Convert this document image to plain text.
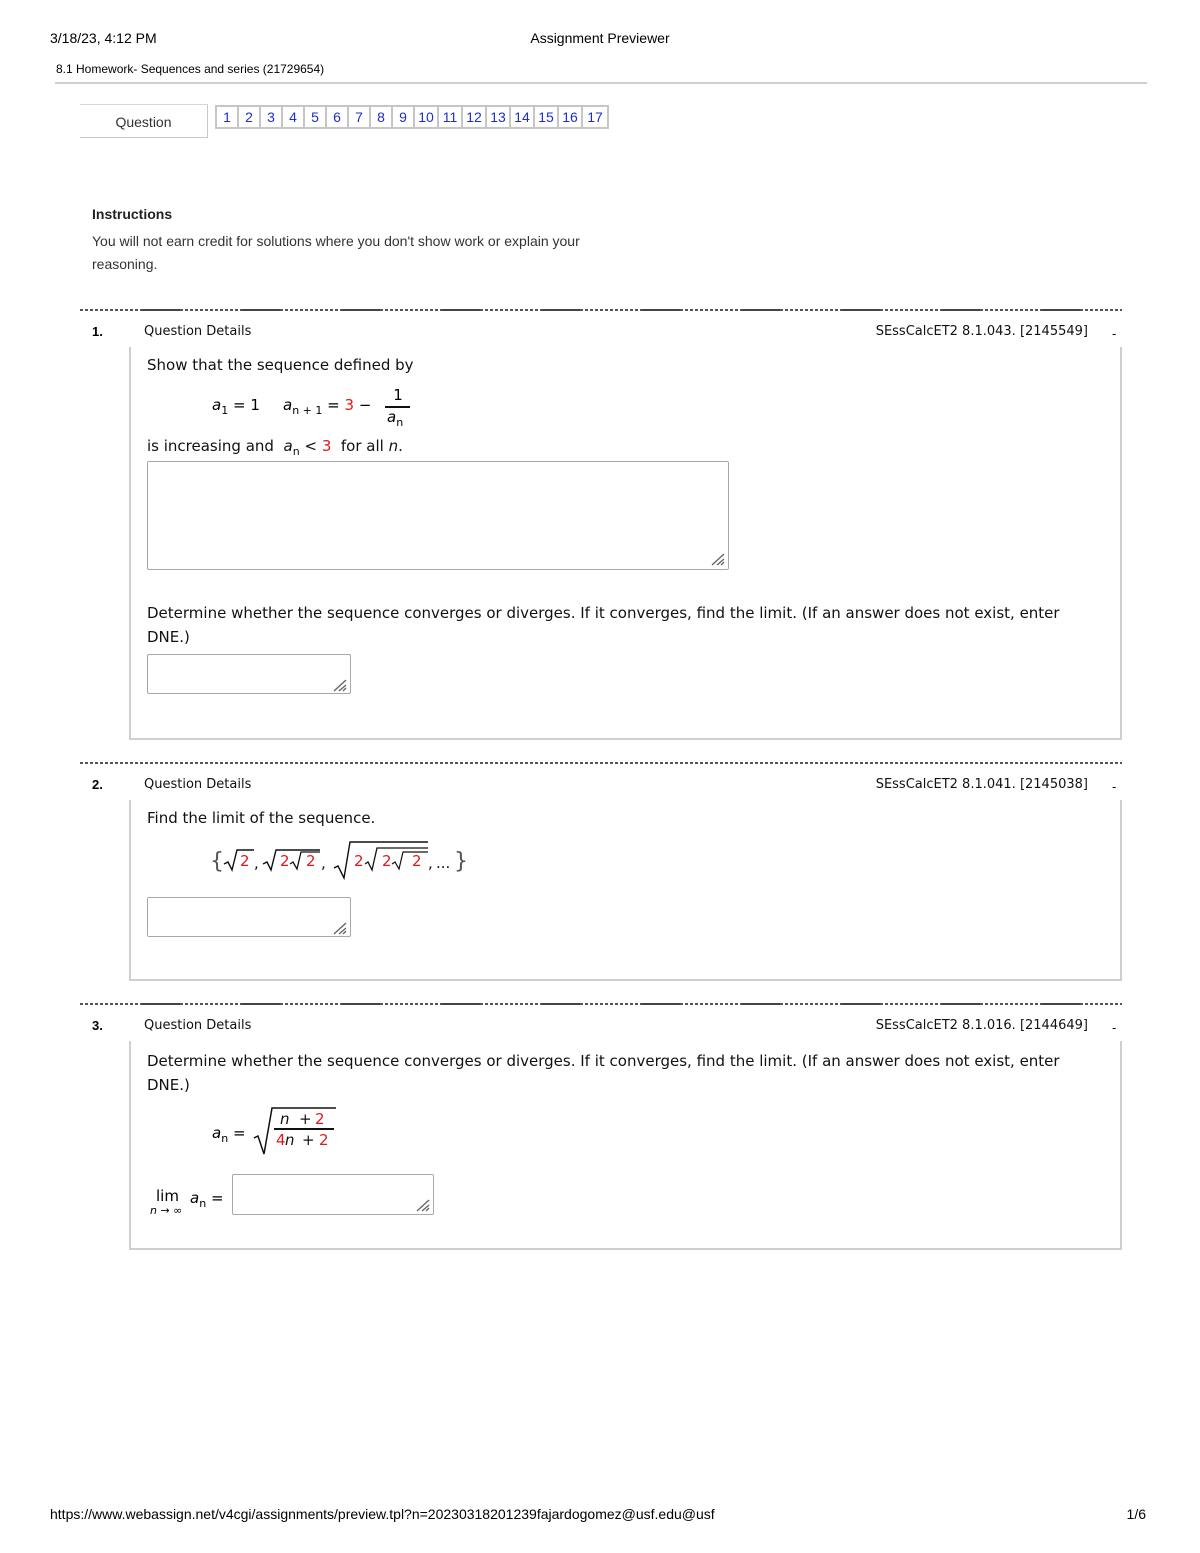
3/18/23, 4:12 PM	Assignment Previewer
8.1 Homework- Sequences and series (21729654)
Question	1	2	3	4	5	6	7	8	9 10 11 12 13 14 15 16 17
Instructions
You will not earn credit for solutions where you don't show work or explain your reasoning.
1.	Question Details	SEssCalcET2 8.1.043. [2145549] -
Show that the sequence defined by
$a_1 = 1$ $a_{n + 1} = 3$ −
1
$a_n$
is increasing and $a_n < 3$ for all n.
Determine whether the sequence converges or diverges. If it converges, find the limit. (If an answer does not exist, enter DNE.)
2.	Question Details	SEssCalcET2 8.1.041. [2145038] -
Find the limit of the sequence.
{ 2 , 2 2 , 2 2 2 , ... }
3.	Question Details	SEssCalcET2 8.1.016. [2144649] -
Determine whether the sequence converges or diverges. If it converges, find the limit. (If an answer does not exist, enter DNE.)
$a_n$ =
n + 2
4 n + 2
lim
n → ∞
$a_n$ =
https://www.webassign.net/v4cgi/assignments/preview.tpl?n=20230318201239fajardogomez@usf.edu@usf	1/6
